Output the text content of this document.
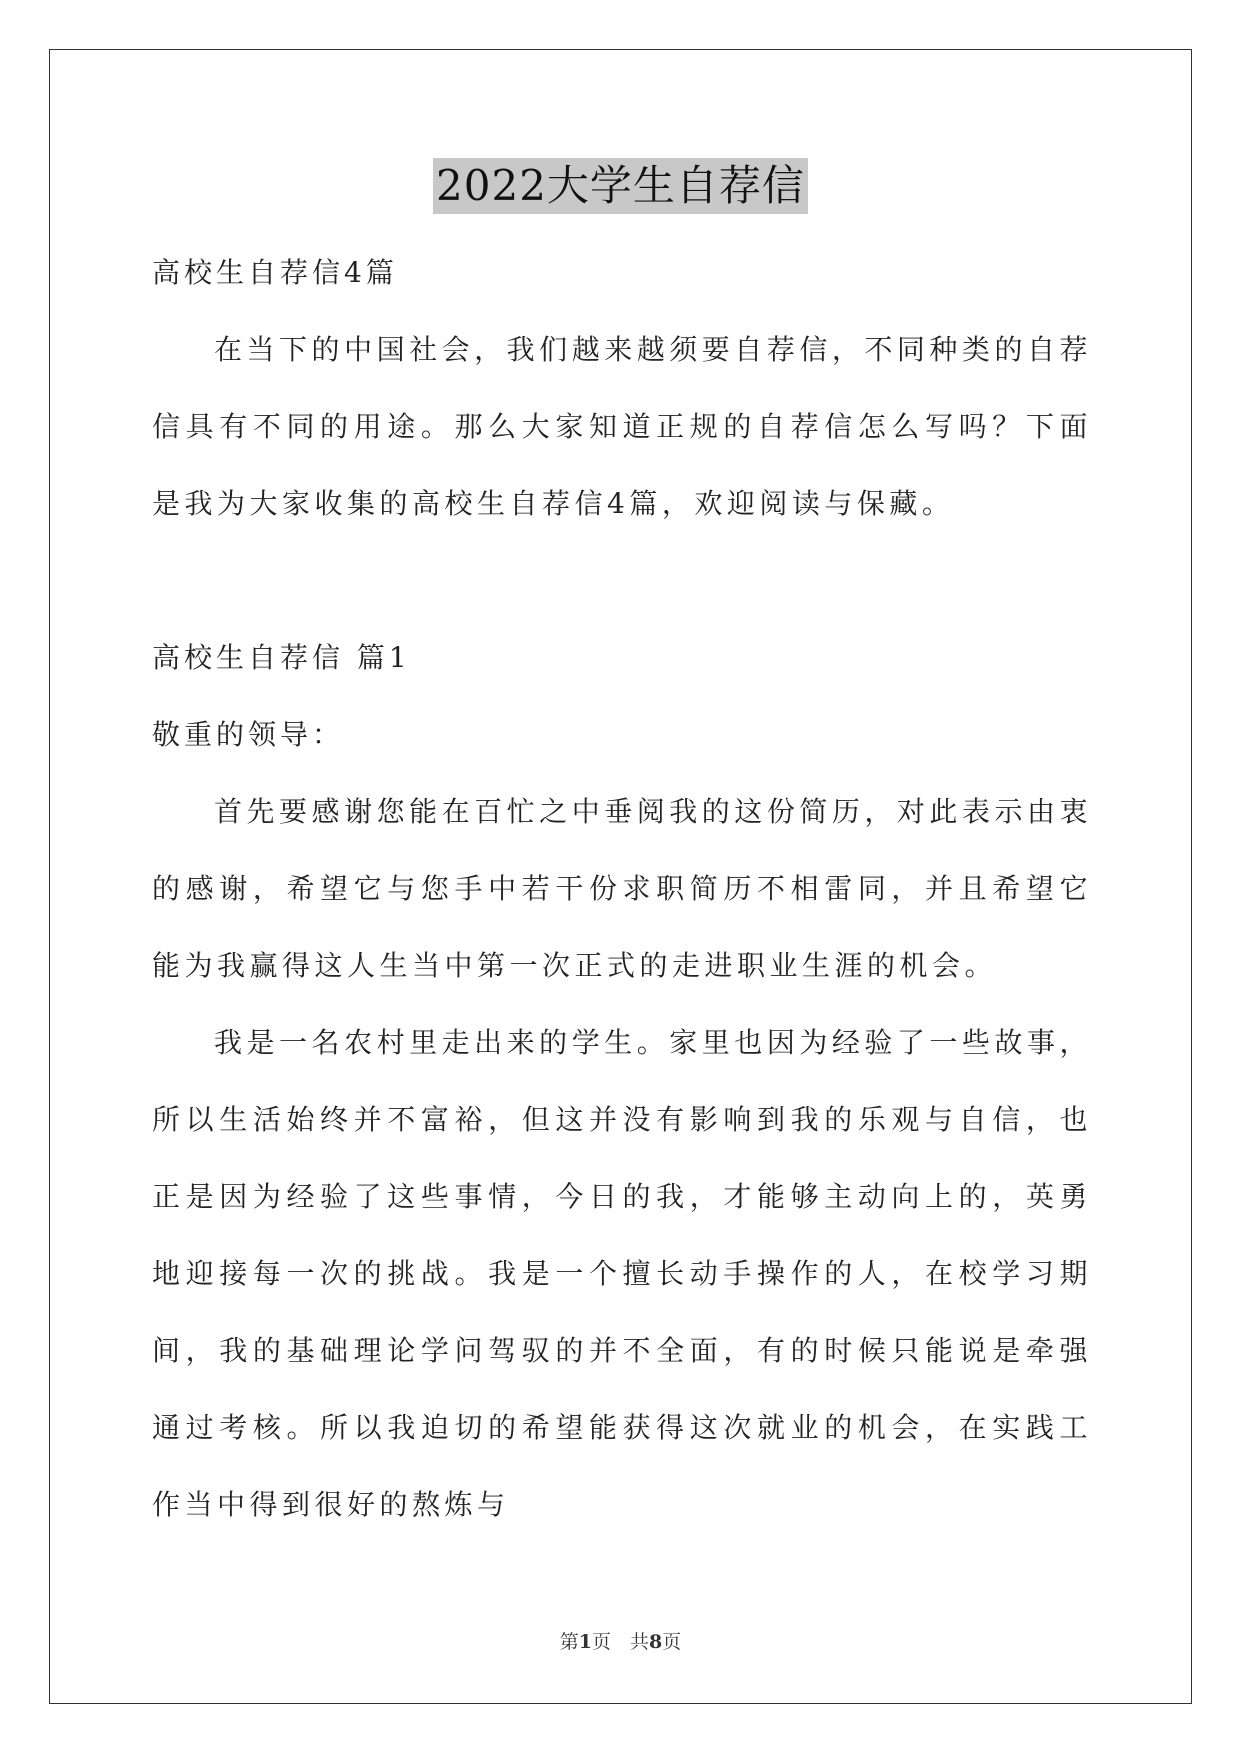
2022大学生自荐信

高校生自荐信4篇

在当下的中国社会，我们越来越须要自荐信，不同种类的自荐信具有不同的用途。那么大家知道正规的自荐信怎么写吗？下面是我为大家收集的高校生自荐信4篇，欢迎阅读与保藏。

高校生自荐信 篇1

敬重的领导：

首先要感谢您能在百忙之中垂阅我的这份简历，对此表示由衷的感谢，希望它与您手中若干份求职简历不相雷同，并且希望它能为我赢得这人生当中第一次正式的走进职业生涯的机会。

我是一名农村里走出来的学生。家里也因为经验了一些故事，所以生活始终并不富裕，但这并没有影响到我的乐观与自信，也正是因为经验了这些事情，今日的我，才能够主动向上的，英勇地迎接每一次的挑战。我是一个擅长动手操作的人，在校学习期间，我的基础理论学问驾驭的并不全面，有的时候只能说是牵强通过考核。所以我迫切的希望能获得这次就业的机会，在实践工作当中得到很好的熬炼与

第1页　共8页
